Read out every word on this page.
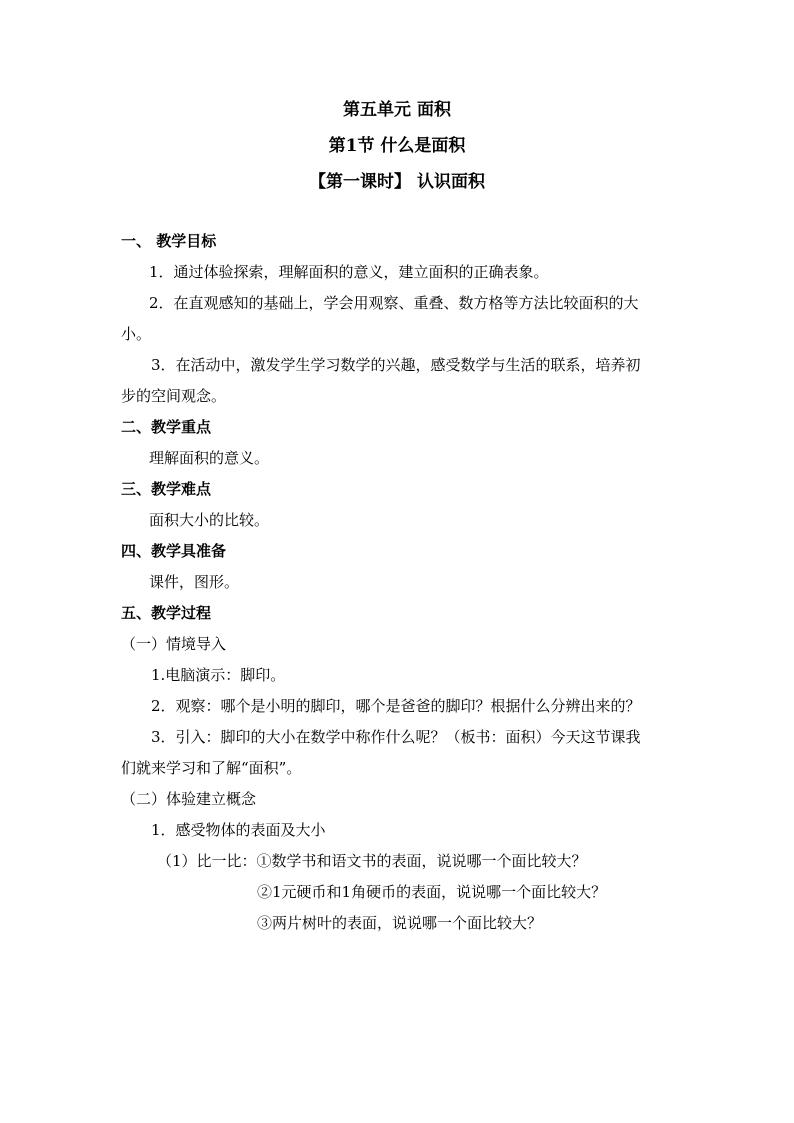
第五单元 面积
第1节 什么是面积
【第一课时】 认识面积
一、 教学目标
1．通过体验探索，理解面积的意义，建立面积的正确表象。
2．在直观感知的基础上，学会用观察、重叠、数方格等方法比较面积的大
小。
3．在活动中，激发学生学习数学的兴趣，感受数学与生活的联系，培养初
步的空间观念。
二、教学重点
理解面积的意义。
三、教学难点
面积大小的比较。
四、教学具准备
课件，图形。
五、教学过程
（一）情境导入
1.电脑演示：脚印。
2．观察：哪个是小明的脚印，哪个是爸爸的脚印？根据什么分辨出来的？
3．引入：脚印的大小在数学中称作什么呢？（板书：面积）今天这节课我
们就来学习和了解“面积”。
（二）体验建立概念
1．感受物体的表面及大小
（1）比一比：①数学书和语文书的表面，说说哪一个面比较大？
②1元硬币和1角硬币的表面，说说哪一个面比较大？
③两片树叶的表面，说说哪一个面比较大？
